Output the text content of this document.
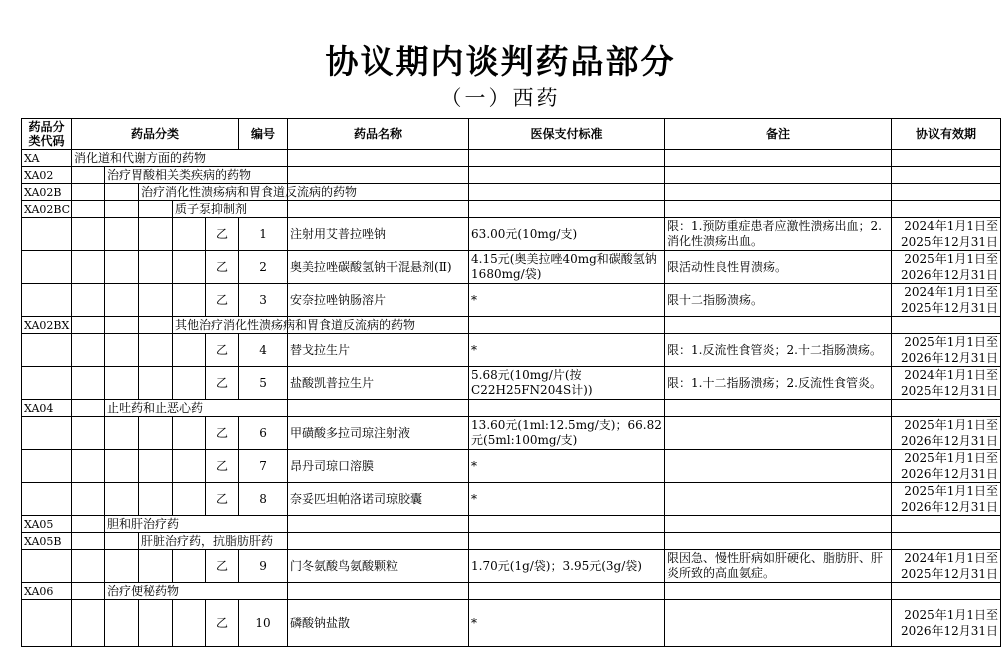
协议期内谈判药品部分
（一）西药
药品分类代码	药品分类					编号	药品名称	医保支付标准	备注	协议有效期
XA	消化道和代谢方面的药物									
XA02		治疗胃酸相关类疾病的药物								
XA02B			治疗消化性溃疡病和胃食道反流病的药物							
XA02BC				质子泵抑制剂						
					乙	1	注射用艾普拉唑钠	63.00元(10mg/支)	限：1.预防重症患者应激性溃疡出血；2.消化性溃疡出血。	2024年1月1日至2025年12月31日
					乙	2	奥美拉唑碳酸氢钠干混悬剂(Ⅱ)	4.15元(奥美拉唑40mg和碳酸氢钠1680mg/袋)	限活动性良性胃溃疡。	2025年1月1日至2026年12月31日
					乙	3	安奈拉唑钠肠溶片	*	限十二指肠溃疡。	2024年1月1日至2025年12月31日
XA02BX				其他治疗消化性溃疡病和胃食道反流病的药物						
					乙	4	替戈拉生片	*	限：1.反流性食管炎；2.十二指肠溃疡。	2025年1月1日至2026年12月31日
					乙	5	盐酸凯普拉生片	5.68元(10mg/片(按C22H25FN204S计))	限：1.十二指肠溃疡；2.反流性食管炎。	2024年1月1日至2025年12月31日
XA04		止吐药和止恶心药								
					乙	6	甲磺酸多拉司琼注射液	13.60元(1ml:12.5mg/支)；66.82元(5ml:100mg/支)		2025年1月1日至2026年12月31日
					乙	7	昂丹司琼口溶膜	*		2025年1月1日至2026年12月31日
					乙	8	奈妥匹坦帕洛诺司琼胶囊	*		2025年1月1日至2026年12月31日
XA05		胆和肝治疗药								
XA05B			肝脏治疗药，抗脂肪肝药							
					乙	9	门冬氨酸鸟氨酸颗粒	1.70元(1g/袋)；3.95元(3g/袋)	限因急、慢性肝病如肝硬化、脂肪肝、肝炎所致的高血氨症。	2024年1月1日至2025年12月31日
XA06		治疗便秘药物								
					乙	10	磷酸钠盐散	*		2025年1月1日至2026年12月31日
